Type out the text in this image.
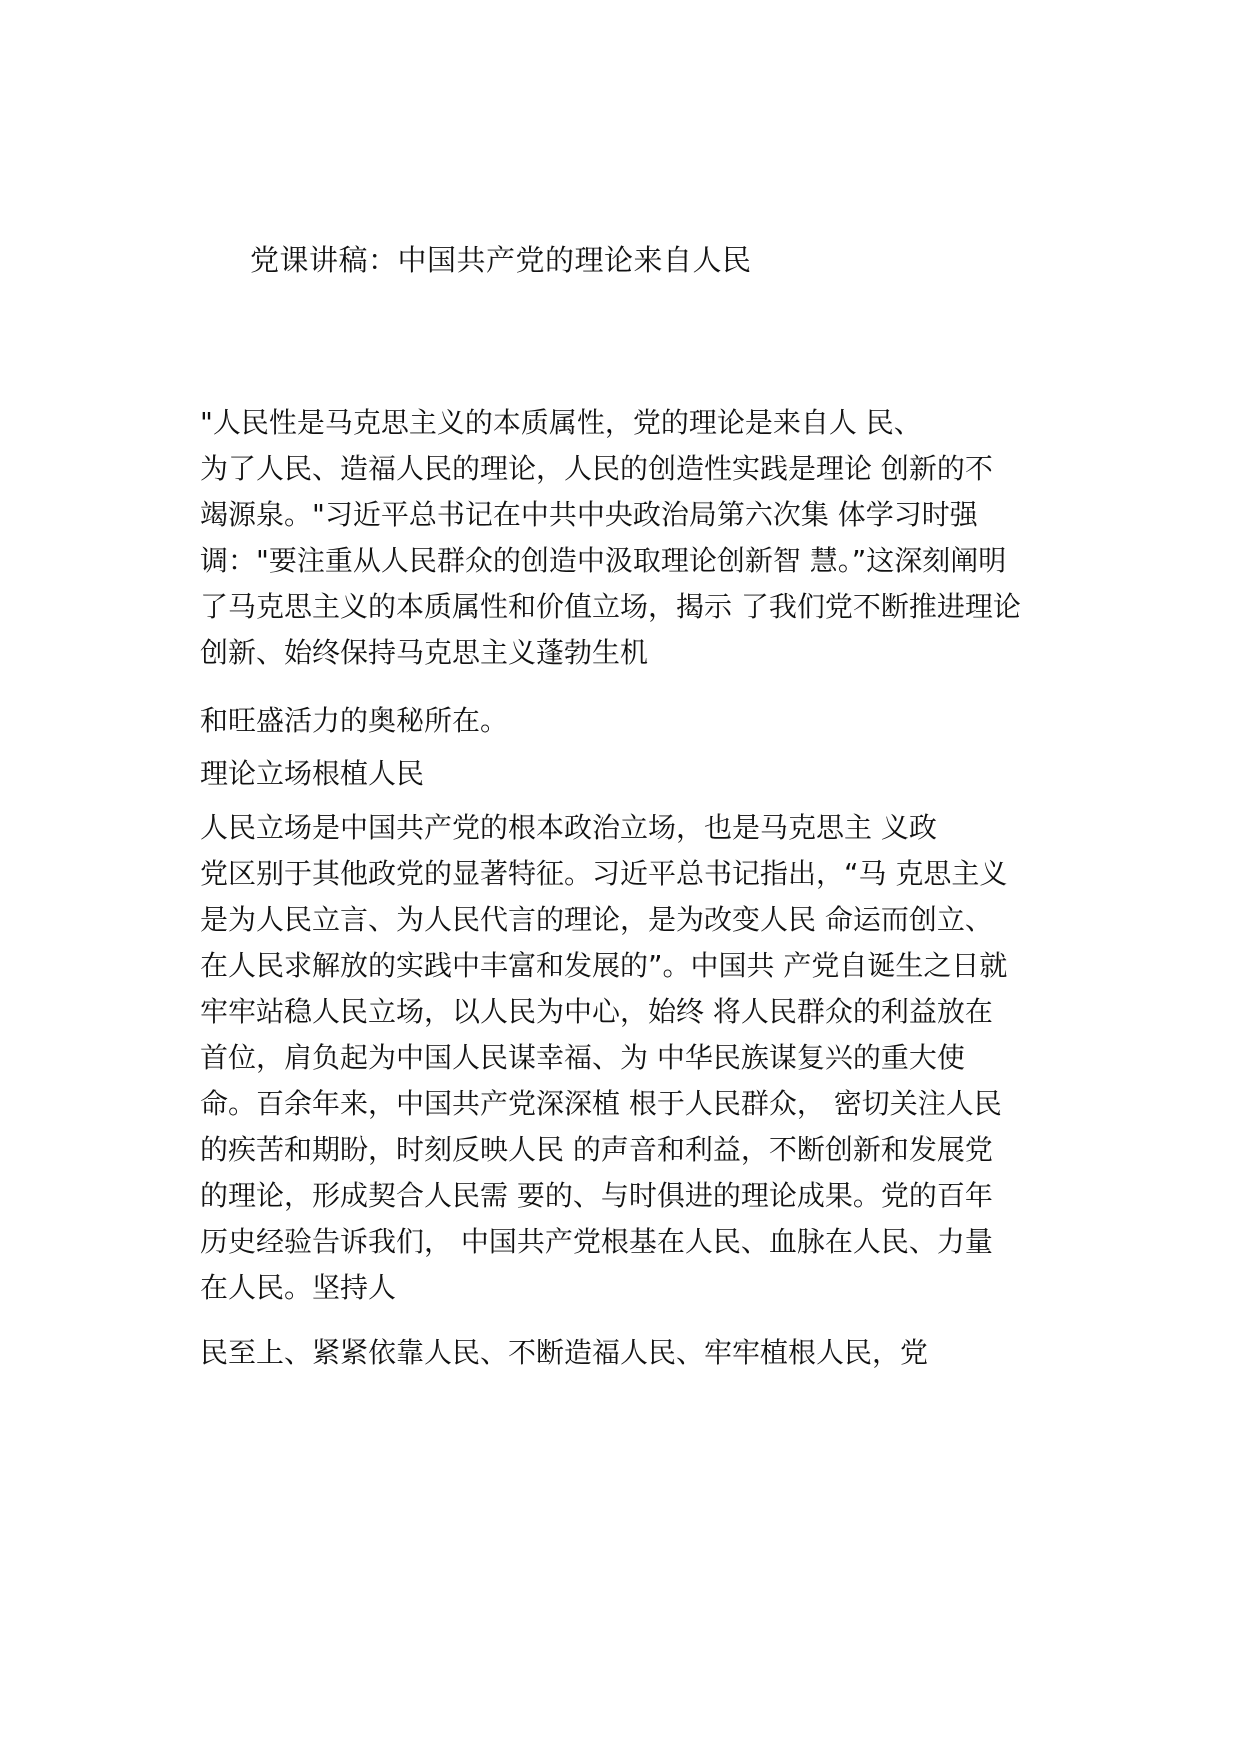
党课讲稿：中国共产党的理论来自人民
"人民性是马克思主义的本质属性，党的理论是来自人 民、
为了人民、造福人民的理论，人民的创造性实践是理论 创新的不
竭源泉。"习近平总书记在中共中央政治局第六次集 体学习时强
调："要注重从人民群众的创造中汲取理论创新智 慧。”这深刻阐明
了马克思主义的本质属性和价值立场，揭示 了我们党不断推进理论
创新、始终保持马克思主义蓬勃生机
和旺盛活力的奥秘所在。
理论立场根植人民
人民立场是中国共产党的根本政治立场，也是马克思主 义政
党区别于其他政党的显著特征。习近平总书记指出，“马 克思主义
是为人民立言、为人民代言的理论，是为改变人民 命运而创立、
在人民求解放的实践中丰富和发展的”。中国共 产党自诞生之日就
牢牢站稳人民立场，以人民为中心，始终 将人民群众的利益放在
首位，肩负起为中国人民谋幸福、为 中华民族谋复兴的重大使
命。百余年来，中国共产党深深植 根于人民群众， 密切关注人民
的疾苦和期盼，时刻反映人民 的声音和利益，不断创新和发展党
的理论，形成契合人民需 要的、与时俱进的理论成果。党的百年
历史经验告诉我们， 中国共产党根基在人民、血脉在人民、力量
在人民。坚持人
民至上、紧紧依靠人民、不断造福人民、牢牢植根人民，党
